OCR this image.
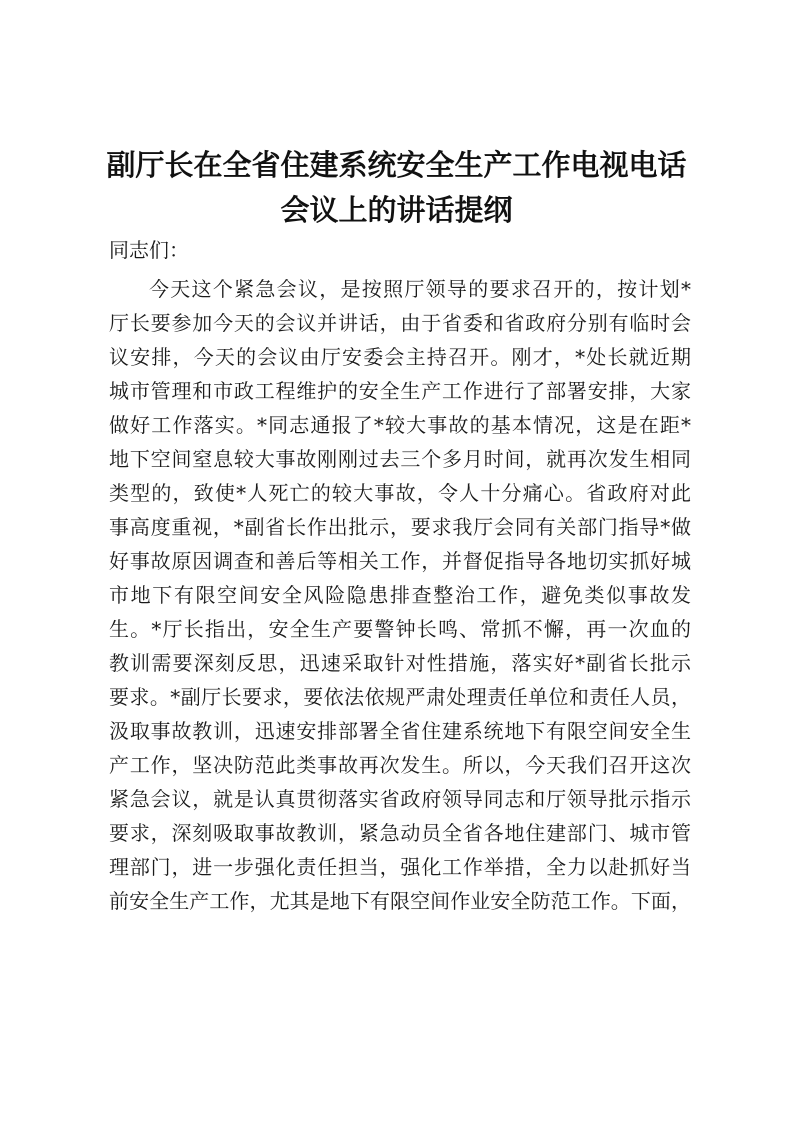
副厅长在全省住建系统安全生产工作电视电话
会议上的讲话提纲
同志们：
今天这个紧急会议，是按照厅领导的要求召开的，按计划*
厅长要参加今天的会议并讲话，由于省委和省政府分别有临时会
议安排，今天的会议由厅安委会主持召开。刚才，*处长就近期
城市管理和市政工程维护的安全生产工作进行了部署安排，大家
做好工作落实。*同志通报了*较大事故的基本情况，这是在距*
地下空间窒息较大事故刚刚过去三个多月时间，就再次发生相同
类型的，致使*人死亡的较大事故，令人十分痛心。省政府对此
事高度重视，*副省长作出批示，要求我厅会同有关部门指导*做
好事故原因调查和善后等相关工作，并督促指导各地切实抓好城
市地下有限空间安全风险隐患排查整治工作，避免类似事故发
生。*厅长指出，安全生产要警钟长鸣、常抓不懈，再一次血的
教训需要深刻反思，迅速采取针对性措施，落实好*副省长批示
要求。*副厅长要求，要依法依规严肃处理责任单位和责任人员，
汲取事故教训，迅速安排部署全省住建系统地下有限空间安全生
产工作，坚决防范此类事故再次发生。所以，今天我们召开这次
紧急会议，就是认真贯彻落实省政府领导同志和厅领导批示指示
要求，深刻吸取事故教训，紧急动员全省各地住建部门、城市管
理部门，进一步强化责任担当，强化工作举措，全力以赴抓好当
前安全生产工作，尤其是地下有限空间作业安全防范工作。下面，
